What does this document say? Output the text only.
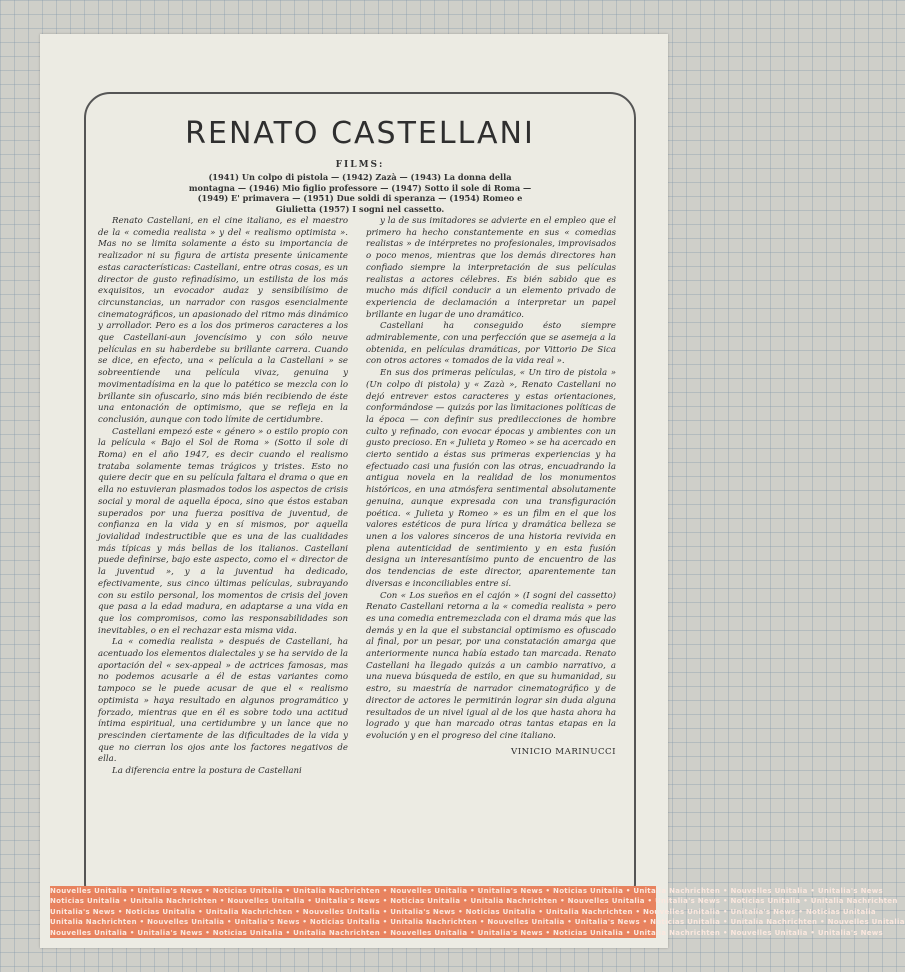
RENATO CASTELLANI
FILMS:
(1941) Un colpo di pistola — (1942) Zazà — (1943) La donna della montagna — (1946) Mio figlio professore — (1947) Sotto il sole di Roma — (1949) E' primavera — (1951) Due soldi di speranza — (1954) Romeo e Giulietta (1957) I sogni nel cassetto.

Renato Castellani, en el cine italiano, es el maestro de la « comedia realista » y del « realismo optimista ». Mas no se limita solamente a ésto su importancia de realizador ni su figura de artista presente únicamente estas características: Castellani, entre otras cosas, es un director de gusto refinadísimo, un estilista de los más exquisitos, un evocador audaz y sensibilísimo de circunstancias, un narrador con rasgos esencialmente cinematográficos, un apasionado del ritmo más dinámico y arrollador. Pero es a los dos primeros caracteres a los que Castellani-aun jovencísimo y con sólo neuve películas en su haberdebe su brillante carrera. Cuando se dice, en efecto, una « película a la Castellani » se sobreentiende una película vivaz, genuina y movimentadísima en la que lo patético se mezcla con lo brillante sin ofuscarlo, sino más bién recibiendo de éste una entonación de optimismo, que se refleja en la conclusión, aunque con todo límite de certidumbre.

Castellani empezó este « género » o estilo propio con la película « Bajo el Sol de Roma » (Sotto il sole di Roma) en el año 1947, es decir cuando el realismo trataba solamente temas trágicos y tristes. Esto no quiere decir que en su película faltara el drama o que en ella no estuvieran plasmados todos los aspectos de crisis social y moral de aquella época, sino que éstos estaban superados por una fuerza positiva de juventud, de confianza en la vida y en sí mismos, por aquella jovialidad indestructible que es una de las cualidades más típicas y más bellas de los italianos. Castellani puede definirse, bajo este aspecto, como el « director de la juventud », y a la juventud ha dedicado, efectivamente, sus cinco últimas películas, subrayando con su estilo personal, los momentos de crisis del joven que pasa a la edad madura, en adaptarse a una vida en que los compromisos, como las responsabilidades son inevitables, o en el rechazar esta misma vida.

La « comedia realista » después de Castellani, ha acentuado los elementos dialectales y se ha servido de la aportación del « sex-appeal » de actrices famosas, mas no podemos acusarle a él de estas variantes como tampoco se le puede acusar de que el « realismo optimista » haya resultado en algunos programático y forzado, mientras que en él es sobre todo una actitud íntima espiritual, una certidumbre y un lance que no prescinden ciertamente de las dificultades de la vida y que no cierran los ojos ante los factores negativos de ella.

La diferencia entre la postura de Castellani

y la de sus imitadores se advierte en el empleo que el primero ha hecho constantemente en sus « comedias realistas » de intérpretes no profesionales, improvisados o poco menos, mientras que los demás directores han confiado siempre la interpretación de sus películas realistas a actores célebres. Es bién sabido que es mucho más difícil conducir a un elemento privado de experiencia de declamación a interpretar un papel brillante en lugar de uno dramático.

Castellani ha conseguido ésto siempre admirablemente, con una perfección que se asemeja a la obtenida, en películas dramáticas, por Vittorio De Sica con otros actores « tomados de la vida real ».

En sus dos primeras películas, « Un tiro de pistola » (Un colpo di pistola) y « Zazà », Renato Castellani no dejó entrever estos caracteres y estas orientaciones, conformándose — quizás por las limitaciones políticas de la época — con definir sus predilecciones de hombre culto y refinado, con evocar épocas y ambientes con un gusto precioso. En « Julieta y Romeo » se ha acercado en cierto sentido a éstas sus primeras experiencias y ha efectuado casi una fusión con las otras, encuadrando la antigua novela en la realidad de los monumentos históricos, en una atmósfera sentimental absolutamente genuina, aunque expresada con una transfiguración poética. « Julieta y Romeo » es un film en el que los valores estéticos de pura lírica y dramática belleza se unen a los valores sinceros de una historia revivida en plena autenticidad de sentimiento y en esta fusión designa un interesantísimo punto de encuentro de las dos tendencias de este director, aparentemente tan diversas e inconciliables entre sí.

Con « Los sueños en el cajón » (I sogni del cassetto) Renato Castellani retorna a la « comedia realista » pero es una comedia entremezclada con el drama más que las demás y en la que el substancial optimismo es ofuscado al final, por un pesar, por una constatación amarga que anteriormente nunca había estado tan marcada. Renato Castellani ha llegado quizás a un cambio narrativo, a una nueva búsqueda de estilo, en que su humanidad, su estro, su maestría de narrador cinematográfico y de director de actores le permitirán lograr sin duda alguna resultados de un nivel igual al de los que hasta ahora ha logrado y que han marcado otras tantas etapas en la evolución y en el progreso del cine italiano.

VINICIO MARINUCCI
Nouvelles Unitalia • Unitalia's News • Noticias Unitalia • Unitalia Nachrichten • Nouvelles Unitalia • Unitalia's News • Noticias Unitalia • Unitalia Nachrichten • Nouvelles Unitalia • Unitalia's News
Noticias Unitalia • Unitalia Nachrichten • Nouvelles Unitalia • Unitalia's News • Noticias Unitalia • Unitalia Nachrichten • Nouvelles Unitalia • Unitalia's News • Noticias Unitalia • Unitalia Nachrichten
Unitalia's News • Noticias Unitalia • Unitalia Nachrichten • Nouvelles Unitalia • Unitalia's News • Noticias Unitalia • Unitalia Nachrichten • Nouvelles Unitalia • Unitalia's News • Noticias Unitalia
Unitalia Nachrichten • Nouvelles Unitalia • Unitalia's News • Noticias Unitalia • Unitalia Nachrichten • Nouvelles Unitalia • Unitalia's News • Noticias Unitalia • Unitalia Nachrichten • Nouvelles Unitalia
Nouvelles Unitalia • Unitalia's News • Noticias Unitalia • Unitalia Nachrichten • Nouvelles Unitalia • Unitalia's News • Noticias Unitalia • Unitalia Nachrichten • Nouvelles Unitalia • Unitalia's News
